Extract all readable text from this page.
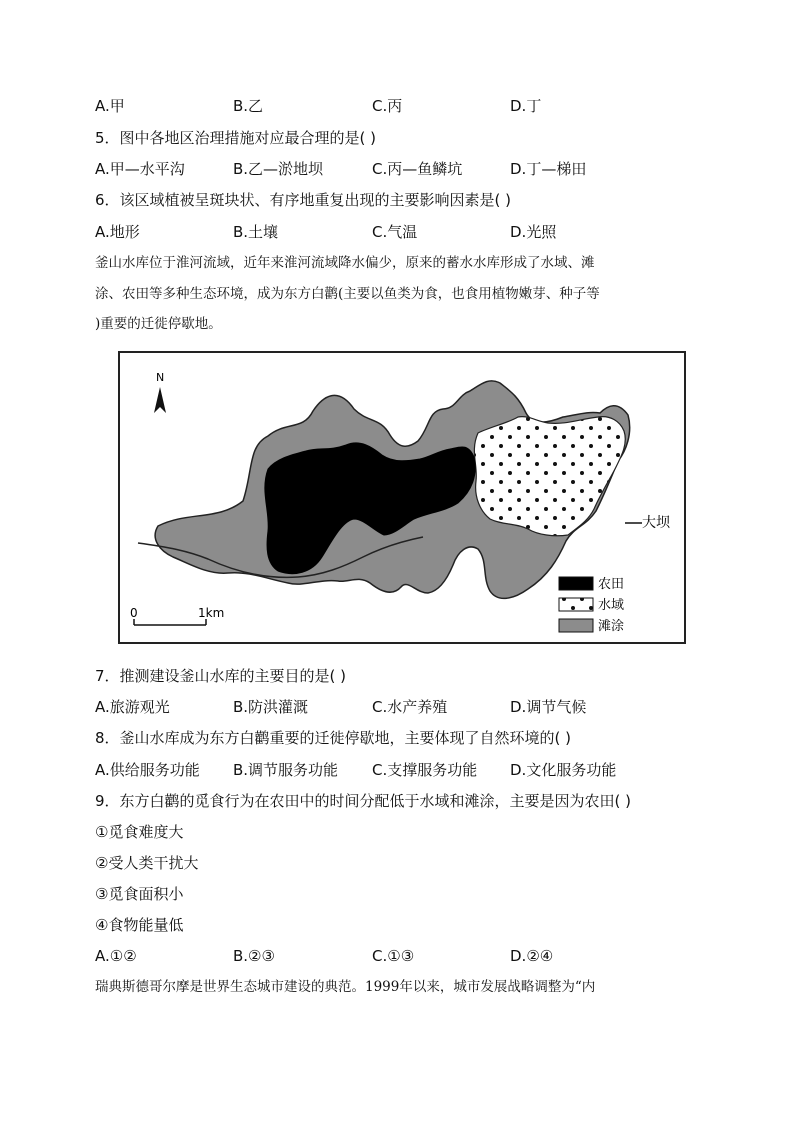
A.甲	B.乙	C.丙	D.丁
5．图中各地区治理措施对应最合理的是( )
A.甲—水平沟	B.乙—淤地坝	C.丙—鱼鳞坑	D.丁—梯田
6．该区域植被呈斑块状、有序地重复出现的主要影响因素是( )
A.地形	B.土壤	C.气温	D.光照
釜山水库位于淮河流域，近年来淮河流域降水偏少，原来的蓄水水库形成了水域、滩
涂、农田等多种生态环境，成为东方白鹳(主要以鱼类为食，也食用植物嫩芽、种子等
)重要的迁徙停歇地。
N
大坝
0	1km
农田
水域
滩涂
7．推测建设釜山水库的主要目的是( )
A.旅游观光	B.防洪灌溉	C.水产养殖	D.调节气候
8．釜山水库成为东方白鹳重要的迁徙停歇地，主要体现了自然环境的( )
A.供给服务功能 B.调节服务功能 C.支撑服务功能 D.文化服务功能
9．东方白鹳的觅食行为在农田中的时间分配低于水域和滩涂，主要是因为农田( )
①觅食难度大
②受人类干扰大
③觅食面积小
④食物能量低
A.①②	B.②③	C.①③	D.②④
瑞典斯德哥尔摩是世界生态城市建设的典范。1999年以来，城市发展战略调整为“内
